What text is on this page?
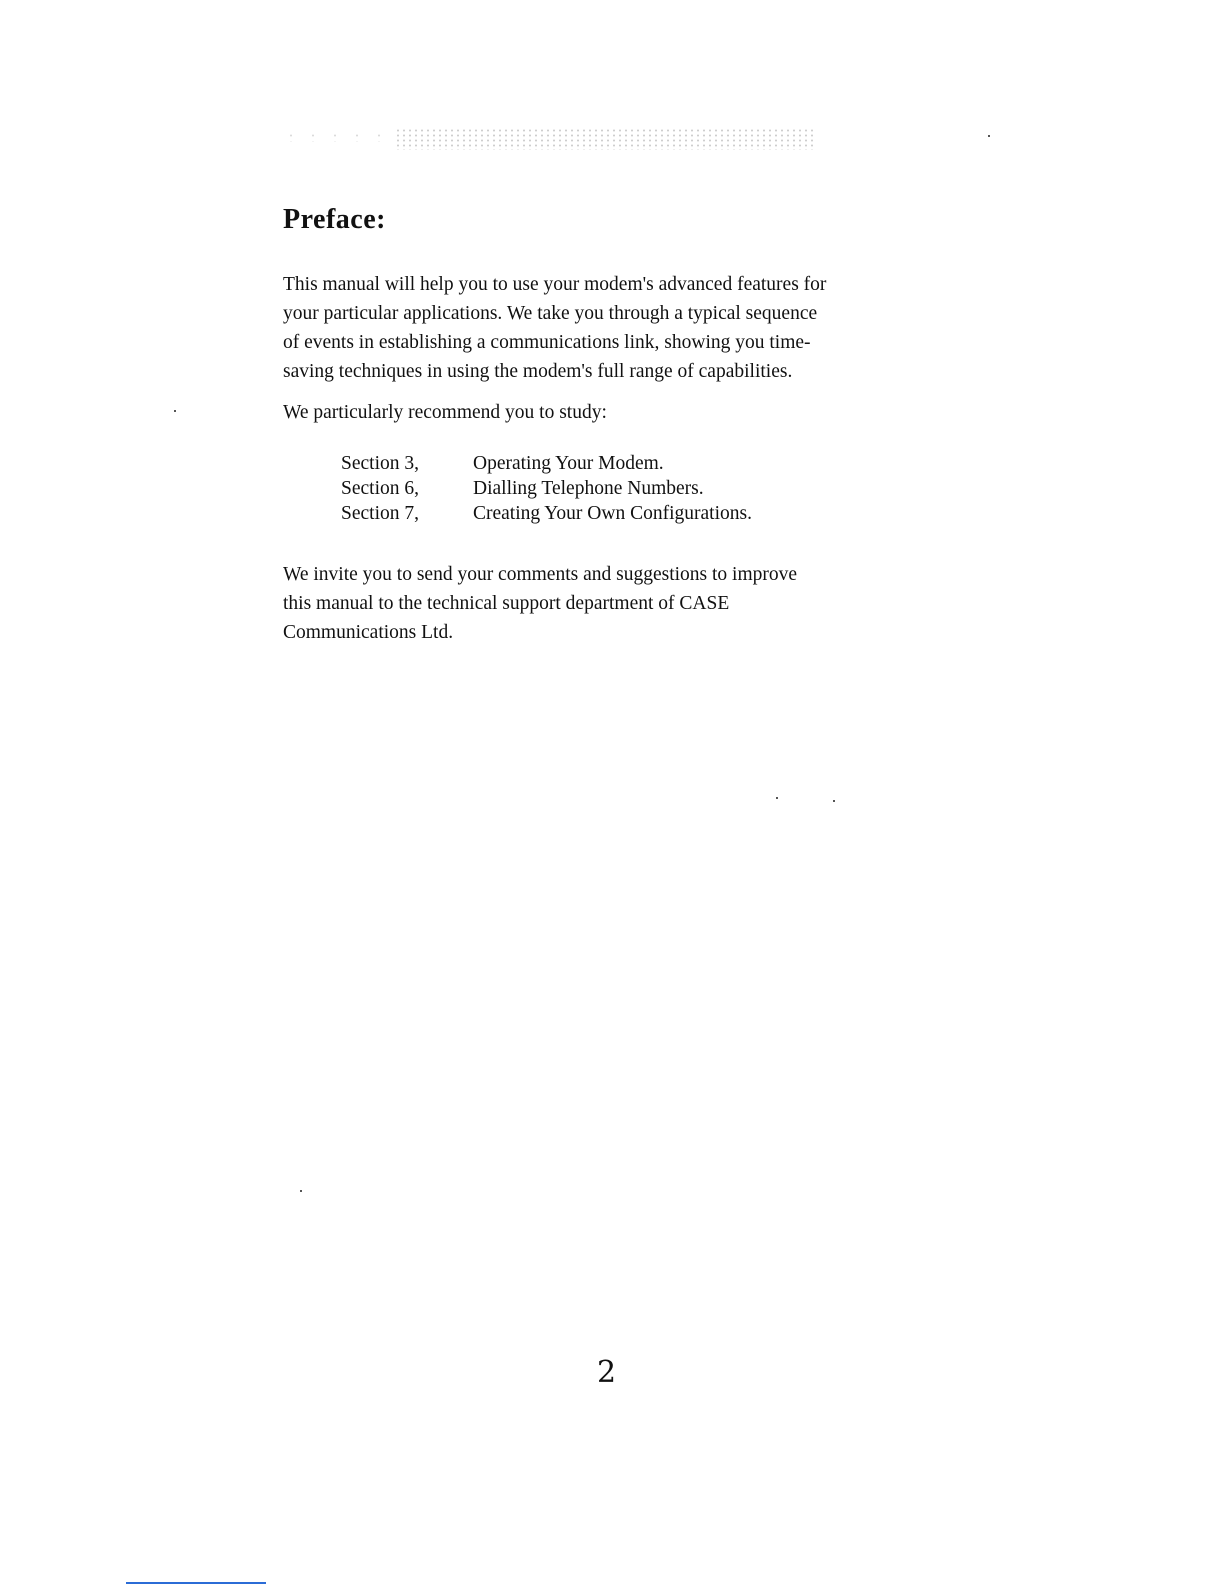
Preface:

This manual will help you to use your modem's advanced features for
your particular applications. We take you through a typical sequence
of events in establishing a communications link, showing you time-
saving techniques in using the modem's full range of capabilities.

We particularly recommend you to study:

Section 3,	Operating Your Modem.
Section 6,	Dialling Telephone Numbers.
Section 7,	Creating Your Own Configurations.

We invite you to send your comments and suggestions to improve
this manual to the technical support department of CASE
Communications Ltd.

2
